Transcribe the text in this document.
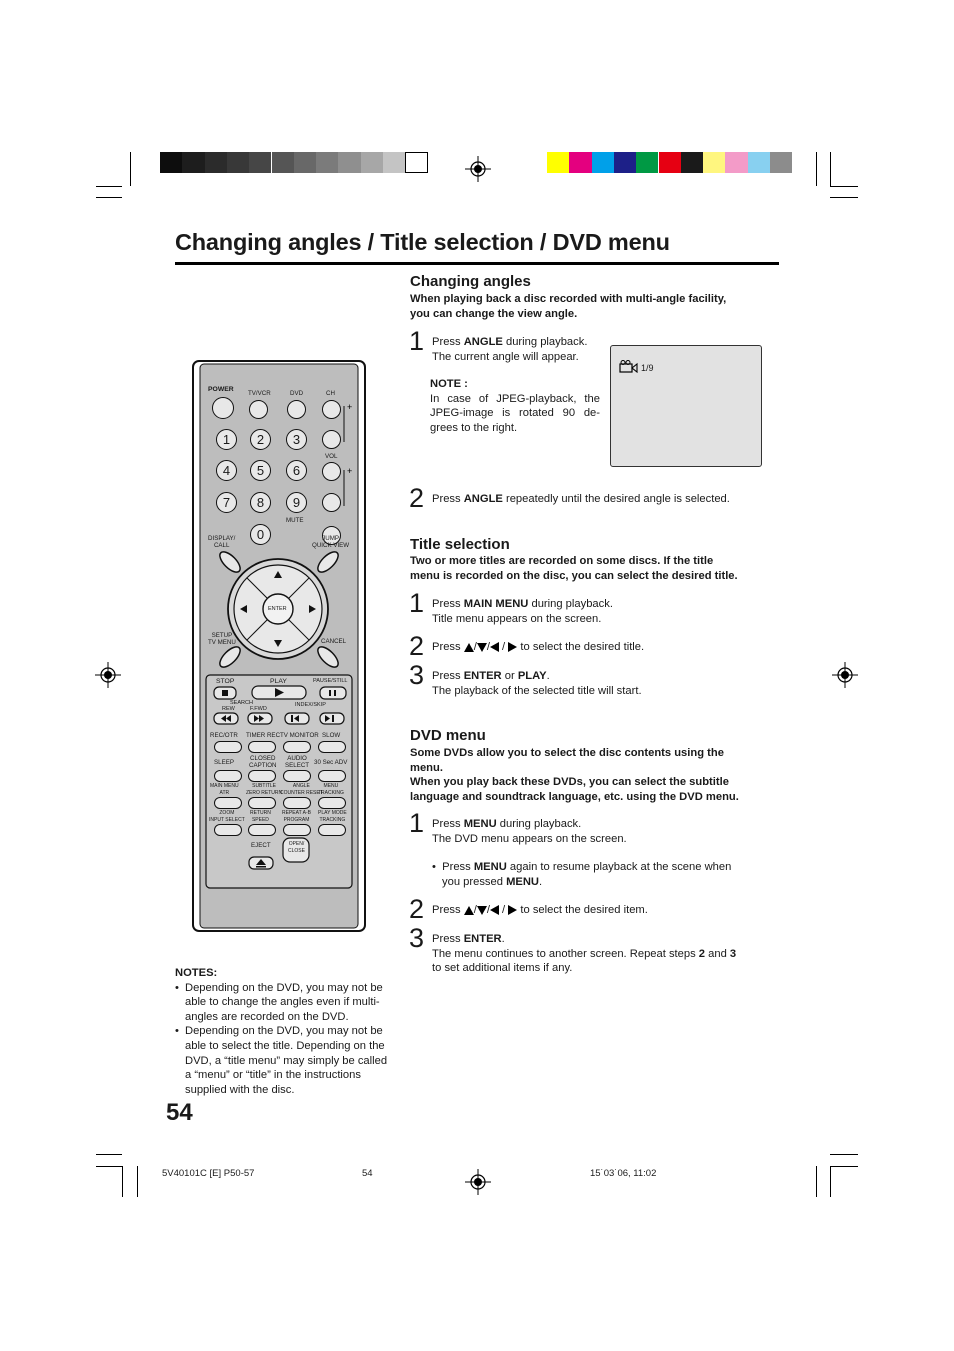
Changing angles / Title selection / DVD menu
Changing angles
When playing back a disc recorded with multi-angle facility,
you can change the view angle.
1 Press ANGLE during playback.
The current angle will appear.
NOTE :
In case of JPEG-playback, the
JPEG-image is rotated 90 de-
grees to the right.
1/9
2 Press ANGLE repeatedly until the desired angle is selected.
Title selection
Two or more titles are recorded on some discs. If the title
menu is recorded on the disc, you can select the desired title.
1 Press MAIN MENU during playback.
Title menu appears on the screen.
2 Press / / /  to select the desired title.
3 Press ENTER or PLAY.
The playback of the selected title will start.
DVD menu
Some DVDs allow you to select the disc contents using the
menu.
When you play back these DVDs, you can select the subtitle
language and soundtrack language, etc. using the DVD menu.
1 Press MENU during playback.
The DVD menu appears on the screen.
•  Press MENU again to resume playback at the scene when
you pressed MENU.
2 Press / / /  to select the desired item.
3 Press ENTER.
The menu continues to another screen. Repeat steps 2 and 3
to set additional items if any.
+
+
POWER
TV/VCR	DVD	CH
VOL
1	2	3
4	5	6
7	8	9
MUTE
0
DISPLAY/
CALL
JUMP
QUICK VIEW
ENTER
SETUP
TV MENU	CANCEL
STOP	PLAY	PAUSE/STILL
SEARCH
REW	F.FWD
INDEX/SKIP
REC/OTR TIMER REC TV MONITOR SLOW
SLEEP
CLOSED
CAPTION
AUDIO
SELECT 30 Sec ADV
MAIN MENU
ATR
SUBTITLE
ZERO RETURN
ANGLE
COUNTER RESET
MENU
TRACKING
ZOOM
INPUT SELECT
RETURN
SPEED
REPEAT A-B
PROGRAM
PLAY MODE
TRACKING
EJECT	OPEN/
CLOSE
NOTES:
• Depending on the DVD, you may not be able to change the angles even if multi-angles are recorded on the DVD.
• Depending on the DVD, you may not be able to select the title. Depending on the DVD, a “title menu” may simply be called a “menu” or “title” in the instructions supplied with the disc.
54
5V40101C [E] P50-57	54	15˙03˙06, 11:02
